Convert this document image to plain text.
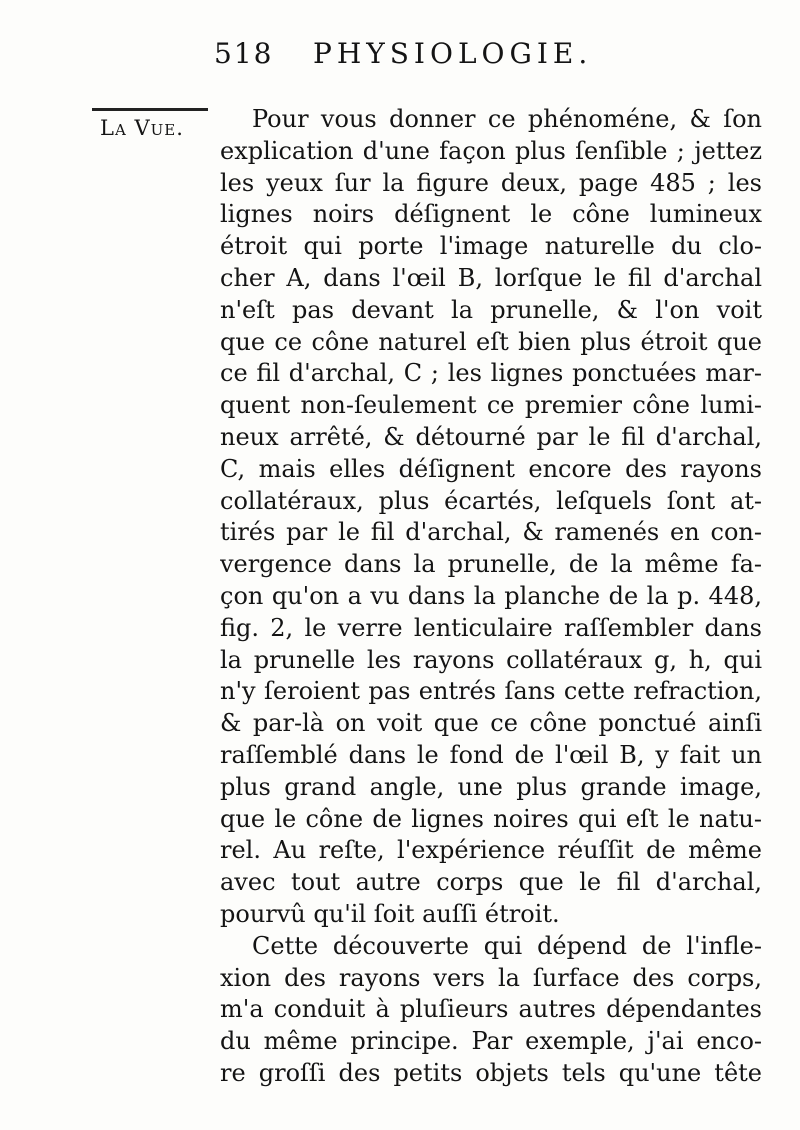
518 PHYSIOLOGIE.
La Vue.	Pour vous donner ce phénoméne, & ſon
explication d'une façon plus ſenſible ; jettez
les yeux ſur la figure deux, page 485 ; les
lignes noirs déſignent le cône lumineux
étroit qui porte l'image naturelle du clo-
cher A, dans l'œil B, lorſque le fil d'archal
n'eſt pas devant la prunelle, & l'on voit
que ce cône naturel eſt bien plus étroit que
ce fil d'archal, C ; les lignes ponctuées mar-
quent non-ſeulement ce premier cône lumi-
neux arrêté, & détourné par le fil d'archal,
C, mais elles déſignent encore des rayons
collatéraux, plus écartés, leſquels ſont at-
tirés par le fil d'archal, & ramenés en con-
vergence dans la prunelle, de la même fa-
çon qu'on a vu dans la planche de la p. 448,
fig. 2, le verre lenticulaire raſſembler dans
la prunelle les rayons collatéraux g, h, qui
n'y ſeroient pas entrés ſans cette refraction,
& par-là on voit que ce cône ponctué ainſi
raſſemblé dans le fond de l'œil B, y fait un
plus grand angle, une plus grande image,
que le cône de lignes noires qui eſt le natu-
rel. Au reſte, l'expérience réuſſit de même
avec tout autre corps que le fil d'archal,
pourvû qu'il ſoit auſſi étroit.
Cette découverte qui dépend de l'infle-
xion des rayons vers la ſurface des corps,
m'a conduit à pluſieurs autres dépendantes
du même principe. Par exemple, j'ai enco-
re groſſi des petits objets tels qu'une tête
